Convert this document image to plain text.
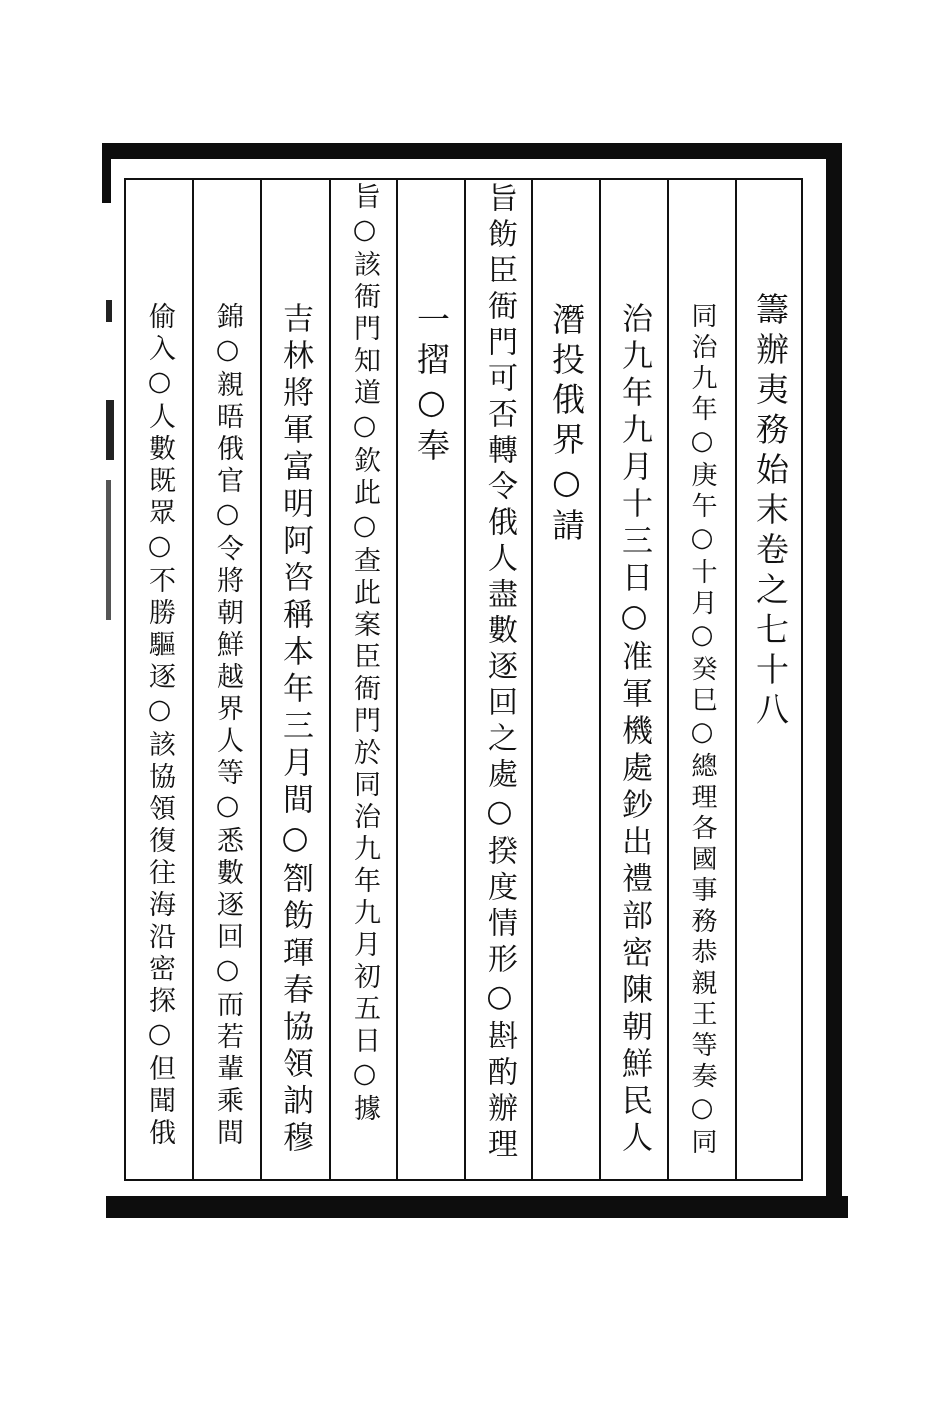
籌辦夷務始末卷之七十八
同治九年○庚午○十月○癸巳○總理各國事務恭親王等奏○同
治九年九月十三日○准軍機處鈔出禮部密陳朝鮮民人
潛投俄界○請
旨飭臣衙門可否轉令俄人盡數逐回之處○揆度情形○斟酌辦理
一摺○奉
旨○該衙門知道○欽此○查此案臣衙門於同治九年九月初五日○據
吉林將軍富明阿咨稱本年三月間○劄飭琿春協領訥穆
錦○親晤俄官○令將朝鮮越界人等○悉數逐回○而若輩乘間
偷入○人數既眾○不勝驅逐○該協領復往海沿密探○但聞俄
